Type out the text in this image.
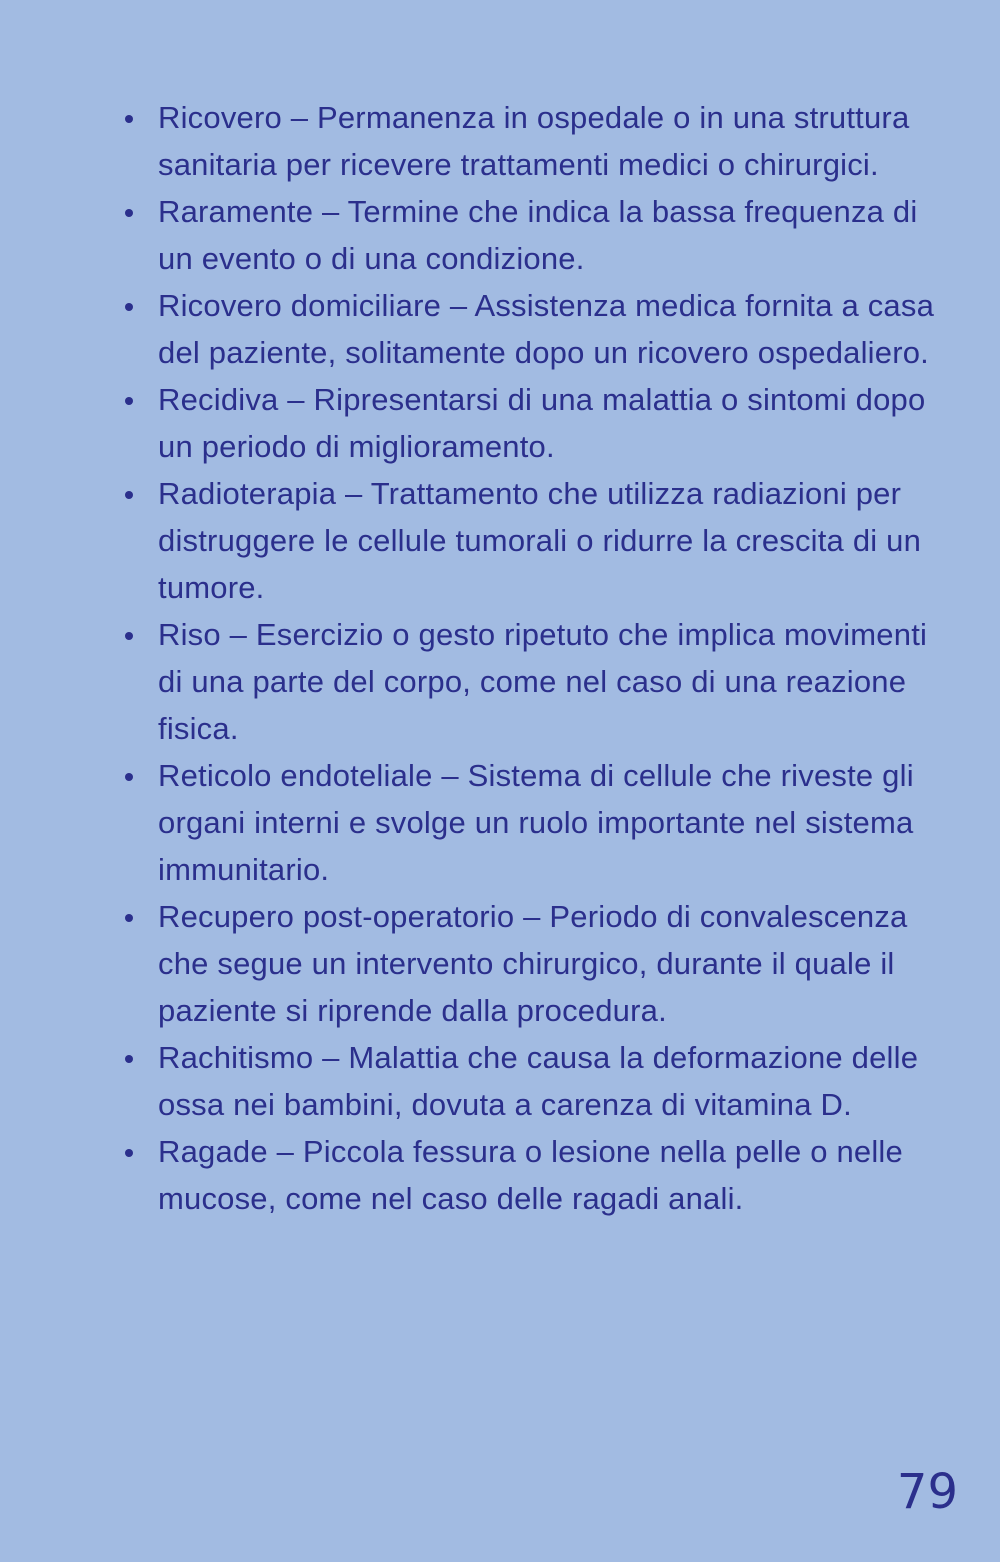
Ricovero – Permanenza in ospedale o in una struttura sanitaria per ricevere trattamenti medici o chirurgici.
Raramente – Termine che indica la bassa frequenza di un evento o di una condizione.
Ricovero domiciliare – Assistenza medica fornita a casa del paziente, solitamente dopo un ricovero ospedaliero.
Recidiva – Ripresentarsi di una malattia o sintomi dopo un periodo di miglioramento.
Radioterapia – Trattamento che utilizza radiazioni per distruggere le cellule tumorali o ridurre la crescita di un tumore.
Riso – Esercizio o gesto ripetuto che implica movimenti di una parte del corpo, come nel caso di una reazione fisica.
Reticolo endoteliale – Sistema di cellule che riveste gli organi interni e svolge un ruolo importante nel sistema immunitario.
Recupero post-operatorio – Periodo di convalescenza che segue un intervento chirurgico, durante il quale il paziente si riprende dalla procedura.
Rachitismo – Malattia che causa la deformazione delle ossa nei bambini, dovuta a carenza di vitamina D.
Ragade – Piccola fessura o lesione nella pelle o nelle mucose, come nel caso delle ragadi anali.
79
